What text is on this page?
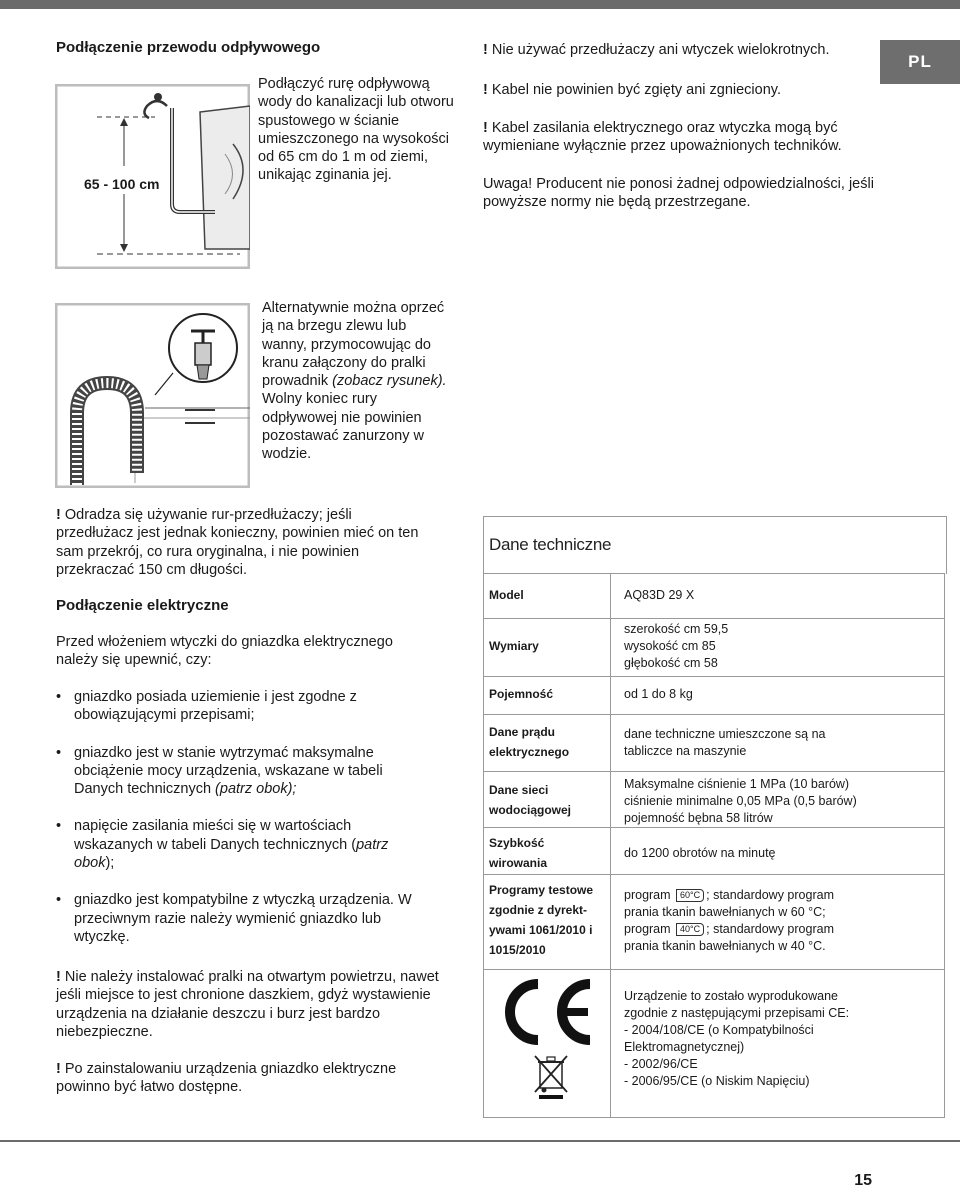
PL
Podłączenie przewodu odpływowego
65 - 100 cm
Podłączyć rurę odpływową wody do kanalizacji lub otworu spustowego w ścianie umieszczonego na wysokości od 65 cm do 1 m od ziemi, unikając zginania jej.
Alternatywnie można oprzeć ją na brzegu zlewu lub wanny, przymocowując do kranu załączony do pralki prowadnik (zobacz rysunek). Wolny koniec rury odpływowej nie powinien pozostawać zanurzony w wodzie.
! Odradza się używanie rur-przedłużaczy; jeśli przedłużacz jest jednak konieczny, powinien mieć on ten sam przekrój, co rura oryginalna, i nie powinien przekraczać 150 cm długości.
Podłączenie elektryczne
Przed włożeniem wtyczki do gniazdka elektrycznego należy się upewnić, czy:
• gniazdko posiada uziemienie i jest zgodne z obowiązującymi przepisami;
• gniazdko jest w stanie wytrzymać maksymalne obciążenie mocy urządzenia, wskazane w tabeli Danych technicznych (patrz obok);
• napięcie zasilania mieści się w wartościach wskazanych w tabeli Danych technicznych (patrz obok);
• gniazdko jest kompatybilne z wtyczką urządzenia. W przeciwnym razie należy wymienić gniazdko lub wtyczkę.
! Nie należy instalować pralki na otwartym powietrzu, nawet jeśli miejsce to jest chronione daszkiem, gdyż wystawienie urządzenia na działanie deszczu i burz jest bardzo niebezpieczne.
! Po zainstalowaniu urządzenia gniazdko elektryczne powinno być łatwo dostępne.
! Nie używać przedłużaczy ani wtyczek wielokrotnych.
! Kabel nie powinien być zgięty ani zgnieciony.
! Kabel zasilania elektrycznego oraz wtyczka mogą być wymieniane wyłącznie przez upoważnionych techników.
Uwaga! Producent nie ponosi żadnej odpowiedzialności, jeśli powyższe normy nie będą przestrzegane.
Dane techniczne
Model	AQ83D 29 X
Wymiary
szerokość cm 59,5
wysokość cm 85
głębokość cm 58
Pojemność	od 1 do 8 kg
Dane prądu
elektrycznego
dane techniczne umieszczone są na
tabliczce na maszynie
Dane sieci
wodociągowej
Maksymalne ciśnienie 1 MPa (10 barów)
ciśnienie minimalne 0,05 MPa (0,5 barów)
pojemność bębna 58 litrów
Szybkość
wirowania
do 1200 obrotów na minutę
Programy testowe
zgodnie z dyrekt-
ywami 1061/2010 i
1015/2010
program 60°C ; standardowy program
prania tkanin bawełnianych w 60 °C;
program 40°C ; standardowy program
prania tkanin bawełnianych w 40 °C.
Urządzenie to zostało wyprodukowane
zgodnie z następującymi przepisami CE:
- 2004/108/CE (o Kompatybilności
Elektromagnetycznej)
- 2002/96/CE
- 2006/95/CE (o Niskim Napięciu)
15
